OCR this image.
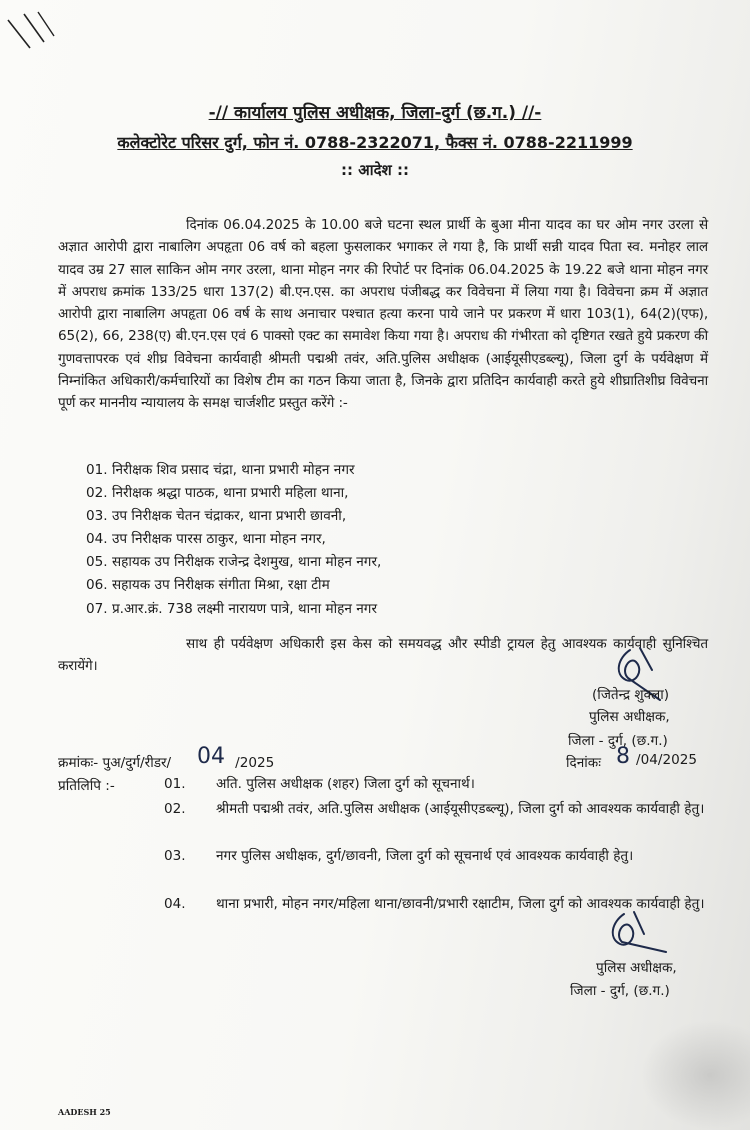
-// कार्यालय पुलिस अधीक्षक, जिला-दुर्ग (छ.ग.) //-
कलेक्टोरेट परिसर दुर्ग, फोन नं. 0788-2322071, फैक्स नं. 0788-2211999
:: आदेश ::
दिनांक 06.04.2025 के 10.00 बजे घटना स्थल प्रार्थी के बुआ मीना यादव का घर ओम नगर उरला से अज्ञात आरोपी द्वारा नाबालिग अपहृता 06 वर्ष को बहला फुसलाकर भगाकर ले गया है, कि प्रार्थी सन्नी यादव पिता स्व. मनोहर लाल यादव उम्र 27 साल साकिन ओम नगर उरला, थाना मोहन नगर की रिपोर्ट पर दिनांक 06.04.2025 के 19.22 बजे थाना मोहन नगर में अपराध क्रमांक 133/25 धारा 137(2) बी.एन.एस. का अपराध पंजीबद्ध कर विवेचना में लिया गया है। विवेचना क्रम में अज्ञात आरोपी द्वारा नाबालिग अपहृता 06 वर्ष के साथ अनाचार पश्चात हत्या करना पाये जाने पर प्रकरण में धारा 103(1), 64(2)(एफ), 65(2), 66, 238(ए) बी.एन.एस एवं 6 पाक्सो एक्ट का समावेश किया गया है। अपराध की गंभीरता को दृष्टिगत रखते हुये प्रकरण की गुणवत्तापरक एवं शीघ्र विवेचना कार्यवाही श्रीमती पद्मश्री तवंर, अति.पुलिस अधीक्षक (आईयूसीएडब्ल्यू), जिला दुर्ग के पर्यवेक्षण में निम्नांकित अधिकारी/कर्मचारियों का विशेष टीम का गठन किया जाता है, जिनके द्वारा प्रतिदिन कार्यवाही करते हुये शीघ्रातिशीघ्र विवेचना पूर्ण कर माननीय न्यायालय के समक्ष चार्जशीट प्रस्तुत करेंगे :-
01. निरीक्षक शिव प्रसाद चंद्रा, थाना प्रभारी मोहन नगर
02. निरीक्षक श्रद्धा पाठक, थाना प्रभारी महिला थाना,
03. उप निरीक्षक चेतन चंद्राकर, थाना प्रभारी छावनी,
04. उप निरीक्षक पारस ठाकुर, थाना मोहन नगर,
05. सहायक उप निरीक्षक राजेन्द्र देशमुख, थाना मोहन नगर,
06. सहायक उप निरीक्षक संगीता मिश्रा, रक्षा टीम
07. प्र.आर.क्रं. 738 लक्ष्मी नारायण पात्रे, थाना मोहन नगर
साथ ही पर्यवेक्षण अधिकारी इस केस को समयवद्ध और स्पीडी ट्रायल हेतु आवश्यक कार्यवाही सुनिश्चित करायेंगे।
(जितेन्द्र शुक्ला)
पुलिस अधीक्षक,
जिला - दुर्ग, (छ.ग.)
क्रमांकः- पुअ/दुर्ग/रीडर/	/2025
04	दिनांकः 8 /04/2025
प्रतिलिपि :-	01. अति. पुलिस अधीक्षक (शहर) जिला दुर्ग को सूचनार्थ।
02. श्रीमती पद्मश्री तवंर, अति.पुलिस अधीक्षक (आईयूसीएडब्ल्यू), जिला दुर्ग को आवश्यक कार्यवाही हेतु।
03. नगर पुलिस अधीक्षक, दुर्ग/छावनी, जिला दुर्ग को सूचनार्थ एवं आवश्यक कार्यवाही हेतु।
04. थाना प्रभारी, मोहन नगर/महिला थाना/छावनी/प्रभारी रक्षाटीम, जिला दुर्ग को आवश्यक कार्यवाही हेतु।
पुलिस अधीक्षक,
जिला - दुर्ग, (छ.ग.)
AADESH 25
